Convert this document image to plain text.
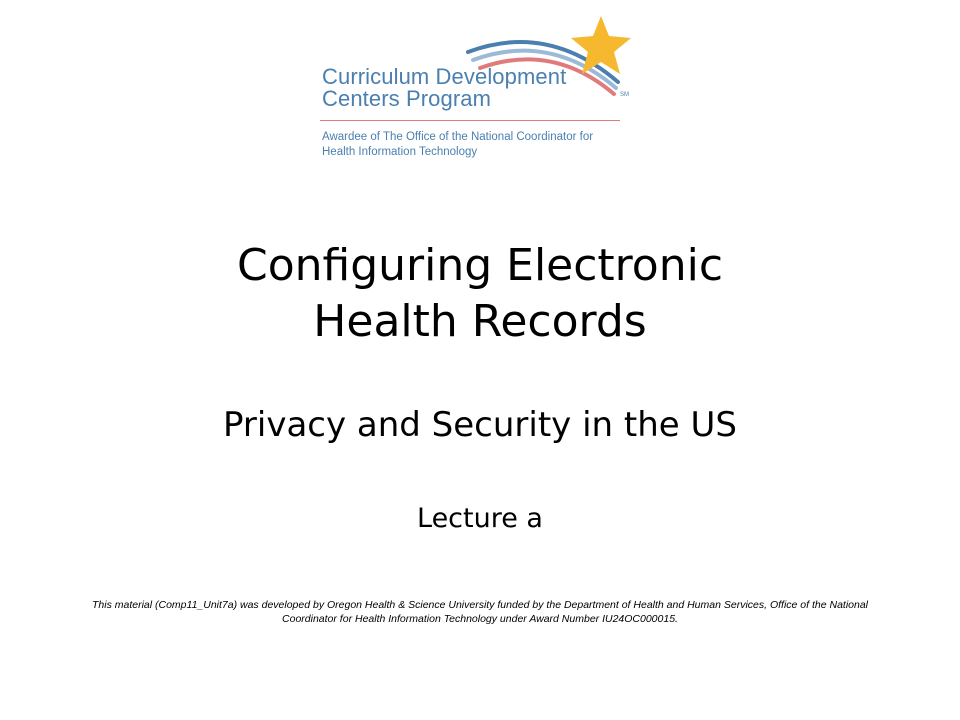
Curriculum Development
Centers Program	SM
Awardee of The Office of the National Coordinator for
Health Information Technology
Configuring Electronic
Health Records
Privacy and Security in the US
Lecture a
This material (Comp11_Unit7a) was developed by Oregon Health & Science University funded by the Department of Health and Human Services, Office of the National Coordinator for Health Information Technology under Award Number IU24OC000015.
